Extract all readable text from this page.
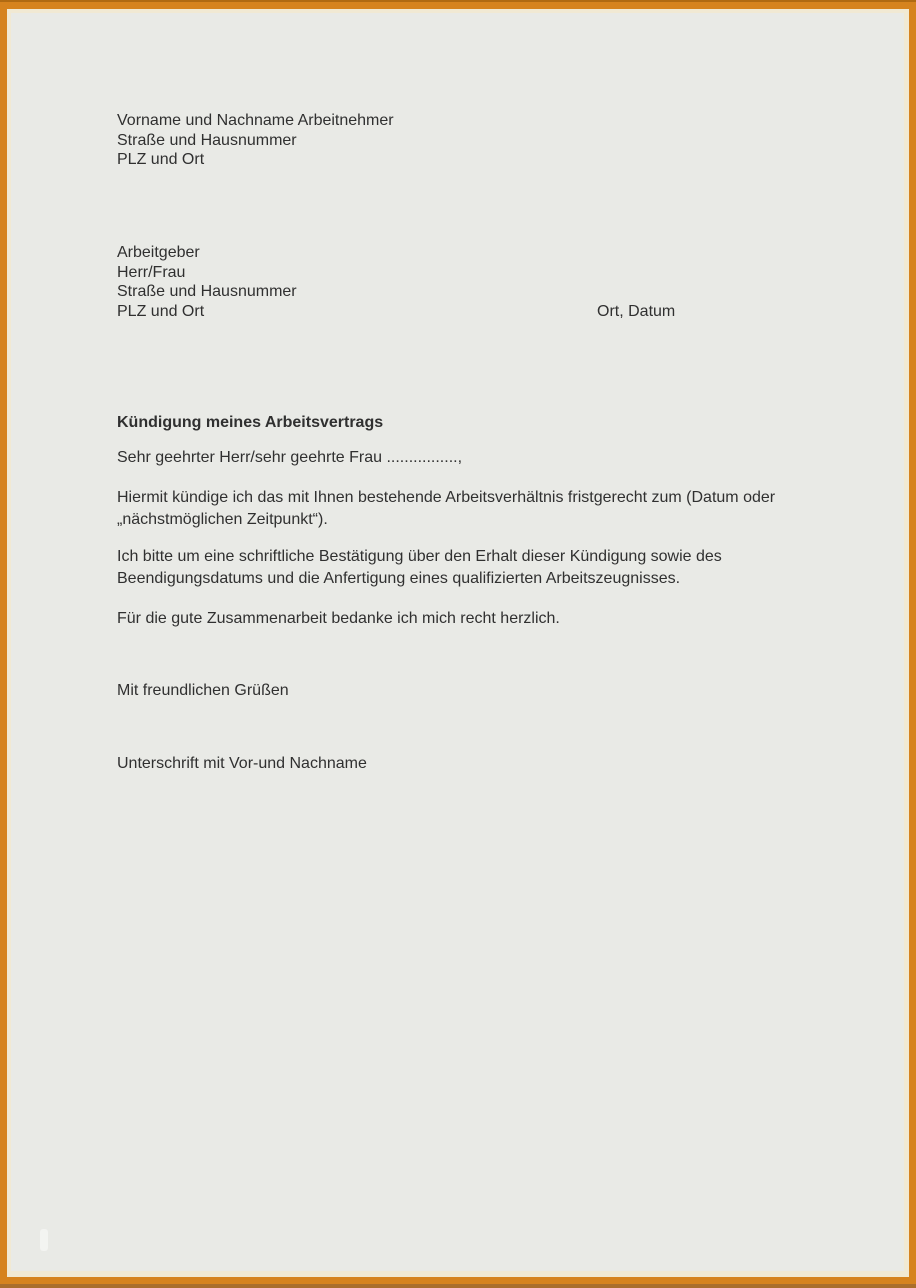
Vorname und Nachname Arbeitnehmer
Straße und Hausnummer
PLZ und Ort
Arbeitgeber
Herr/Frau
Straße und Hausnummer
PLZ und Ort	Ort, Datum
Kündigung meines Arbeitsvertrags
Sehr geehrter Herr/sehr geehrte Frau ................,
Hiermit kündige ich das mit Ihnen bestehende Arbeitsverhältnis fristgerecht zum (Datum oder
„nächstmöglichen Zeitpunkt“).
Ich bitte um eine schriftliche Bestätigung über den Erhalt dieser Kündigung sowie des
Beendigungsdatums und die Anfertigung eines qualifizierten Arbeitszeugnisses.
Für die gute Zusammenarbeit bedanke ich mich recht herzlich.
Mit freundlichen Grüßen
Unterschrift mit Vor-und Nachname
